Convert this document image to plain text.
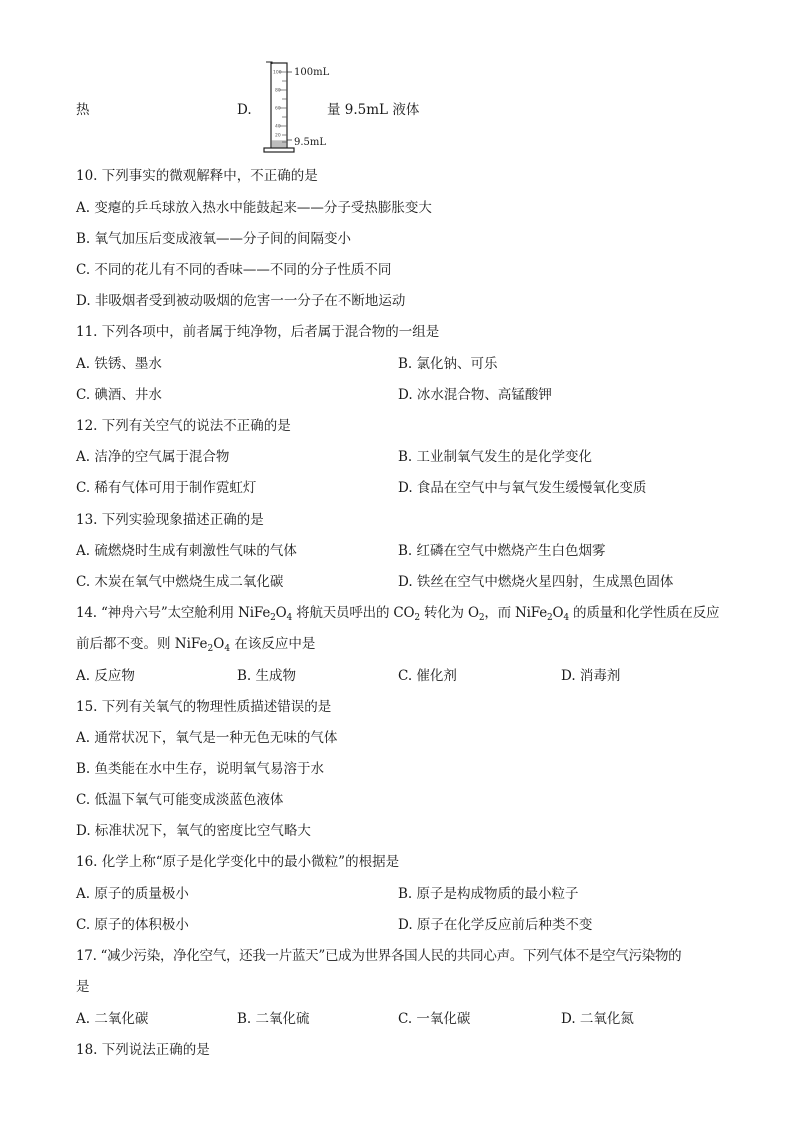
热	D.
100
80
60
40
20
100mL
9.5mL
量 9.5mL 液体
10. 下列事实的微观解释中，不正确的是
A. 变瘪的乒乓球放入热水中能鼓起来——分子受热膨胀变大
B. 氧气加压后变成液氧——分子间的间隔变小
C. 不同的花儿有不同的香味——不同的分子性质不同
D. 非吸烟者受到被动吸烟的危害一一分子在不断地运动
11. 下列各项中，前者属于纯净物，后者属于混合物的一组是
A. 铁锈、墨水	B. 氯化钠、可乐
C. 碘酒、井水	D. 冰水混合物、高锰酸钾
12. 下列有关空气的说法不正确的是
A. 洁净的空气属于混合物	B. 工业制氧气发生的是化学变化
C. 稀有气体可用于制作霓虹灯	D. 食品在空气中与氧气发生缓慢氧化变质
13. 下列实验现象描述正确的是
A. 硫燃烧时生成有刺激性气味的气体	B. 红磷在空气中燃烧产生白色烟雾
C. 木炭在氧气中燃烧生成二氧化碳	D. 铁丝在空气中燃烧火星四射，生成黑色固体
14. “神舟六号”太空舱利用 $NiFe_2O_4$ 将航天员呼出的 $CO_2$ 转化为 $O_2$，而 $NiFe_2O_4$ 的质量和化学性质在反应
前后都不变。则 $NiFe_2O_4$ 在该反应中是
A. 反应物	B. 生成物	C. 催化剂	D. 消毒剂
15. 下列有关氧气的物理性质描述错误的是
A. 通常状况下，氧气是一种无色无味的气体
B. 鱼类能在水中生存，说明氧气易溶于水
C. 低温下氧气可能变成淡蓝色液体
D. 标准状况下，氧气的密度比空气略大
16. 化学上称“原子是化学变化中的最小微粒”的根据是
A. 原子的质量极小	B. 原子是构成物质的最小粒子
C. 原子的体积极小	D. 原子在化学反应前后种类不变
17. “减少污染，净化空气，还我一片蓝天”已成为世界各国人民的共同心声。下列气体不是空气污染物的
是
A. 二氧化碳	B. 二氧化硫	C. 一氧化碳	D. 二氧化氮
18. 下列说法正确的是
